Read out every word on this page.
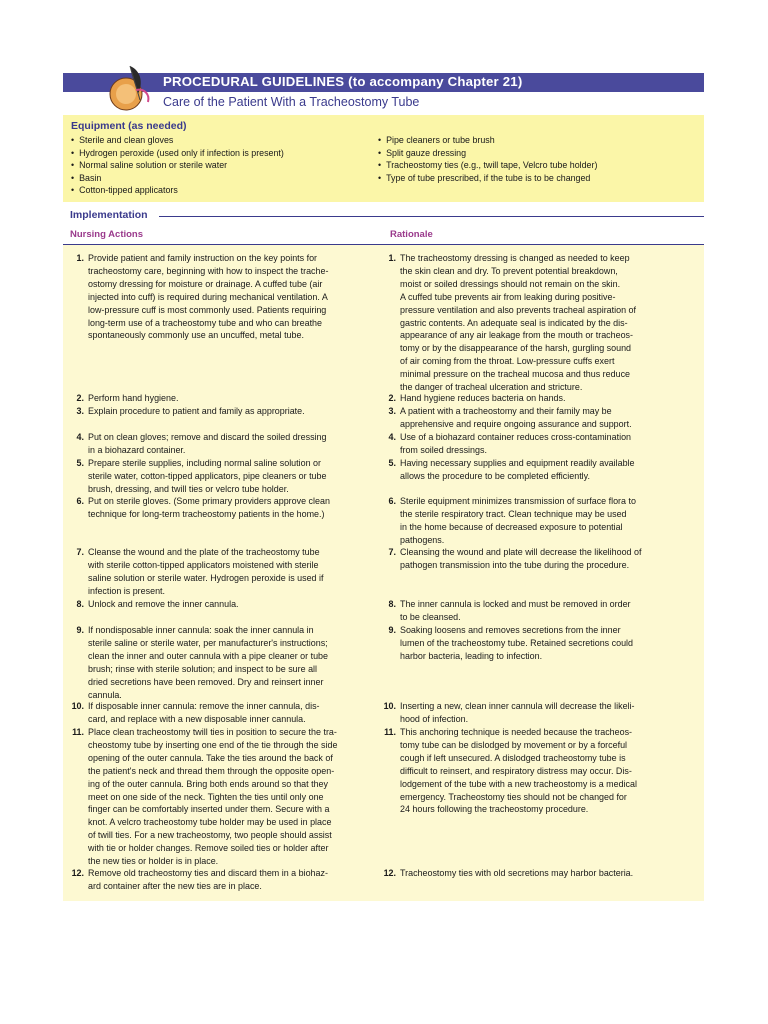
PROCEDURAL GUIDELINES (to accompany Chapter 21)
Care of the Patient With a Tracheostomy Tube
Equipment (as needed)
• Sterile and clean gloves
• Hydrogen peroxide (used only if infection is present)
• Normal saline solution or sterile water
• Basin
• Cotton-tipped applicators
• Pipe cleaners or tube brush
• Split gauze dressing
• Tracheostomy ties (e.g., twill tape, Velcro tube holder)
• Type of tube prescribed, if the tube is to be changed
Implementation
Nursing Actions	Rationale
1. Provide patient and family instruction on the key points for
tracheostomy care, beginning with how to inspect the trache-
ostomy dressing for moisture or drainage. A cuffed tube (air
injected into cuff) is required during mechanical ventilation. A
low-pressure cuff is most commonly used. Patients requiring
long-term use of a tracheostomy tube and who can breathe
spontaneously commonly use an uncuffed, metal tube.
2. Perform hand hygiene.
3. Explain procedure to patient and family as appropriate.
4. Put on clean gloves; remove and discard the soiled dressing
in a biohazard container.
5. Prepare sterile supplies, including normal saline solution or
sterile water, cotton-tipped applicators, pipe cleaners or tube
brush, dressing, and twill ties or velcro tube holder.
6. Put on sterile gloves. (Some primary providers approve clean
technique for long-term tracheostomy patients in the home.)
7. Cleanse the wound and the plate of the tracheostomy tube
with sterile cotton-tipped applicators moistened with sterile
saline solution or sterile water. Hydrogen peroxide is used if
infection is present.
8. Unlock and remove the inner cannula.
9. If nondisposable inner cannula: soak the inner cannula in
sterile saline or sterile water, per manufacturer's instructions;
clean the inner and outer cannula with a pipe cleaner or tube
brush; rinse with sterile solution; and inspect to be sure all
dried secretions have been removed. Dry and reinsert inner
cannula.
10. If disposable inner cannula: remove the inner cannula, dis-
card, and replace with a new disposable inner cannula.
11. Place clean tracheostomy twill ties in position to secure the tra-
cheostomy tube by inserting one end of the tie through the side
opening of the outer cannula. Take the ties around the back of
the patient's neck and thread them through the opposite open-
ing of the outer cannula. Bring both ends around so that they
meet on one side of the neck. Tighten the ties until only one
finger can be comfortably inserted under them. Secure with a
knot. A velcro tracheostomy tube holder may be used in place
of twill ties. For a new tracheostomy, two people should assist
with tie or holder changes. Remove soiled ties or holder after
the new ties or holder is in place.
12. Remove old tracheostomy ties and discard them in a biohaz-
ard container after the new ties are in place.
1. The tracheostomy dressing is changed as needed to keep
the skin clean and dry. To prevent potential breakdown,
moist or soiled dressings should not remain on the skin.
A cuffed tube prevents air from leaking during positive-
pressure ventilation and also prevents tracheal aspiration of
gastric contents. An adequate seal is indicated by the dis-
appearance of any air leakage from the mouth or tracheos-
tomy or by the disappearance of the harsh, gurgling sound
of air coming from the throat. Low-pressure cuffs exert
minimal pressure on the tracheal mucosa and thus reduce
the danger of tracheal ulceration and stricture.
2. Hand hygiene reduces bacteria on hands.
3. A patient with a tracheostomy and their family may be
apprehensive and require ongoing assurance and support.
4. Use of a biohazard container reduces cross-contamination
from soiled dressings.
5. Having necessary supplies and equipment readily available
allows the procedure to be completed efficiently.
6. Sterile equipment minimizes transmission of surface flora to
the sterile respiratory tract. Clean technique may be used
in the home because of decreased exposure to potential
pathogens.
7. Cleansing the wound and plate will decrease the likelihood of
pathogen transmission into the tube during the procedure.
8. The inner cannula is locked and must be removed in order
to be cleansed.
9. Soaking loosens and removes secretions from the inner
lumen of the tracheostomy tube. Retained secretions could
harbor bacteria, leading to infection.
10. Inserting a new, clean inner cannula will decrease the likeli-
hood of infection.
11. This anchoring technique is needed because the tracheos-
tomy tube can be dislodged by movement or by a forceful
cough if left unsecured. A dislodged tracheostomy tube is
difficult to reinsert, and respiratory distress may occur. Dis-
lodgement of the tube with a new tracheostomy is a medical
emergency. Tracheostomy ties should not be changed for
24 hours following the tracheostomy procedure.
12. Tracheostomy ties with old secretions may harbor bacteria.
